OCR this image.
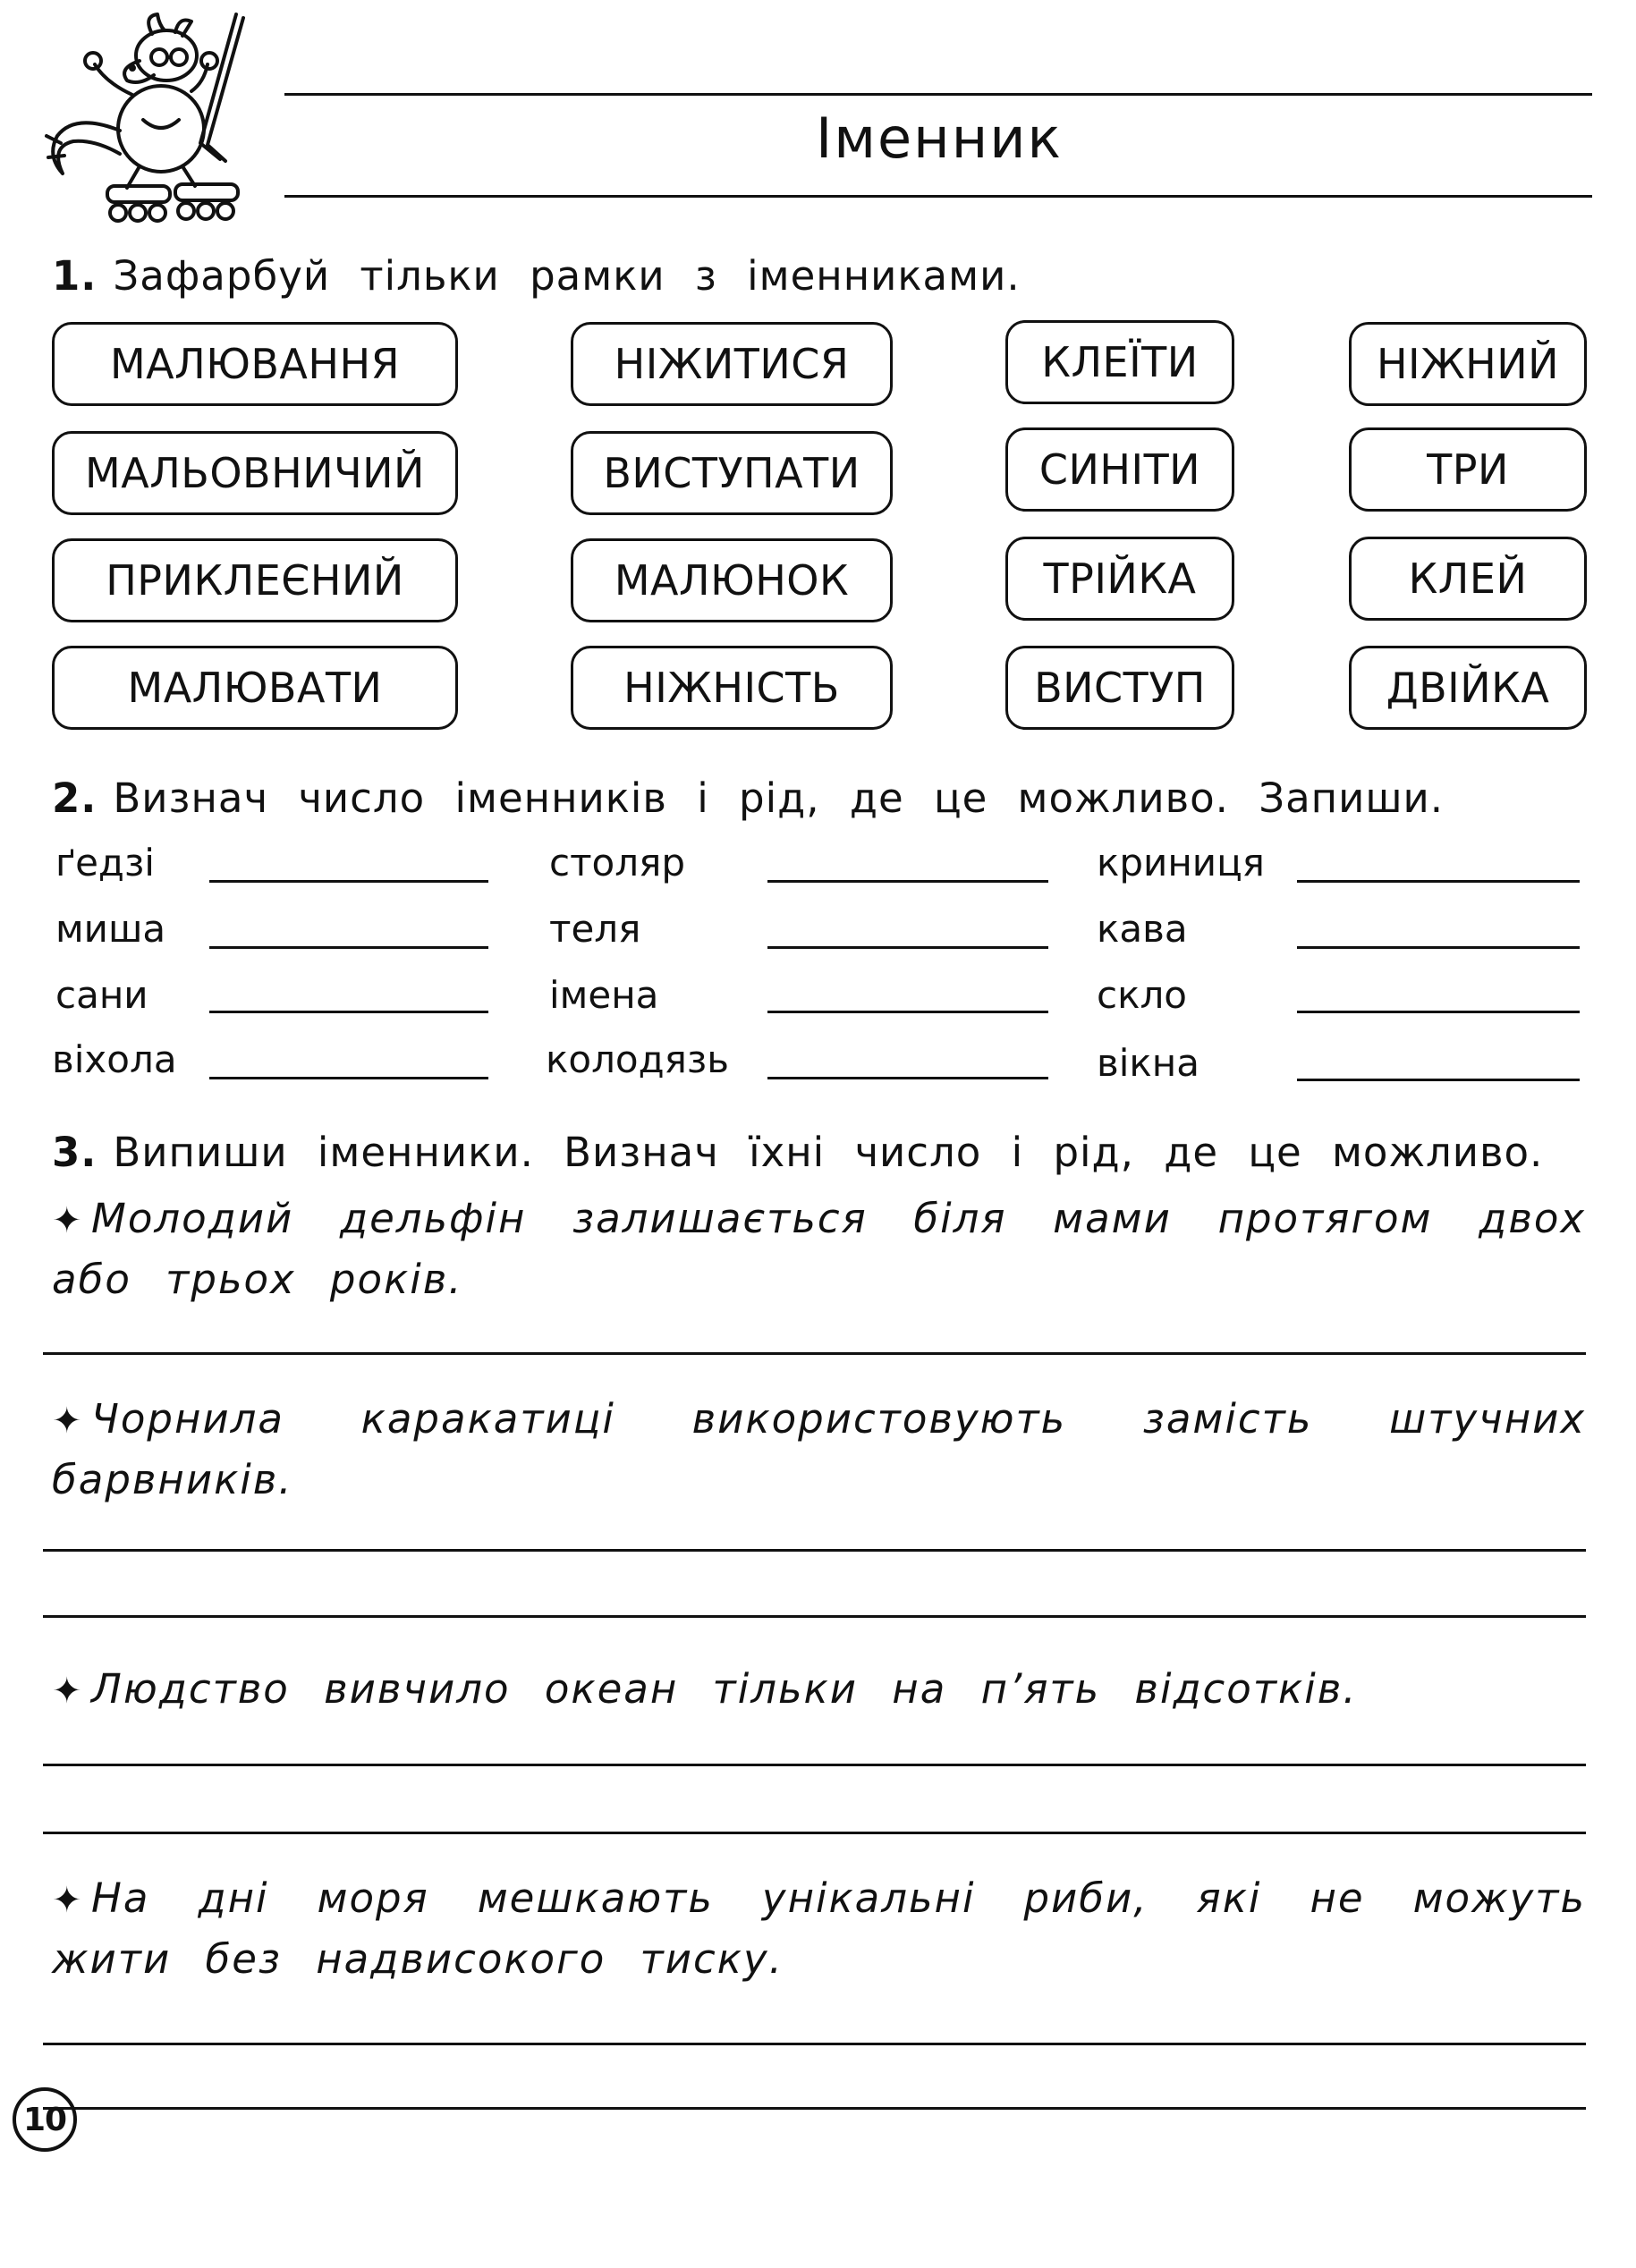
Іменник
1. Зафарбуй тільки рамки з іменниками.
МАЛЮВАННЯ	НІЖИТИСЯ	КЛЕЇТИ	НІЖНИЙ
МАЛЬОВНИЧИЙ	ВИСТУПАТИ	СИНІТИ	ТРИ
ПРИКЛЕЄНИЙ	МАЛЮНОК	ТРІЙКА	КЛЕЙ
МАЛЮВАТИ	НІЖНІСТЬ	ВИСТУП	ДВІЙКА
2. Визнач число іменників і рід, де це можливо. Запиши.
ґедзі
миша
сани
віхола
столяр
теля
імена
колодязь
криниця
кава
скло
вікна
3. Випиши іменники. Визнач їхні число і рід, де це можливо.
✦ Молодий дельфін залишається біля мами протягом двох або трьох років.
✦ Чорнила каракатиці використовують замість штучних барвників.
✦ Людство вивчило океан тільки на п’ять відсотків.
✦ На дні моря мешкають унікальні риби, які не можуть жити без надвисокого тиску.
10
